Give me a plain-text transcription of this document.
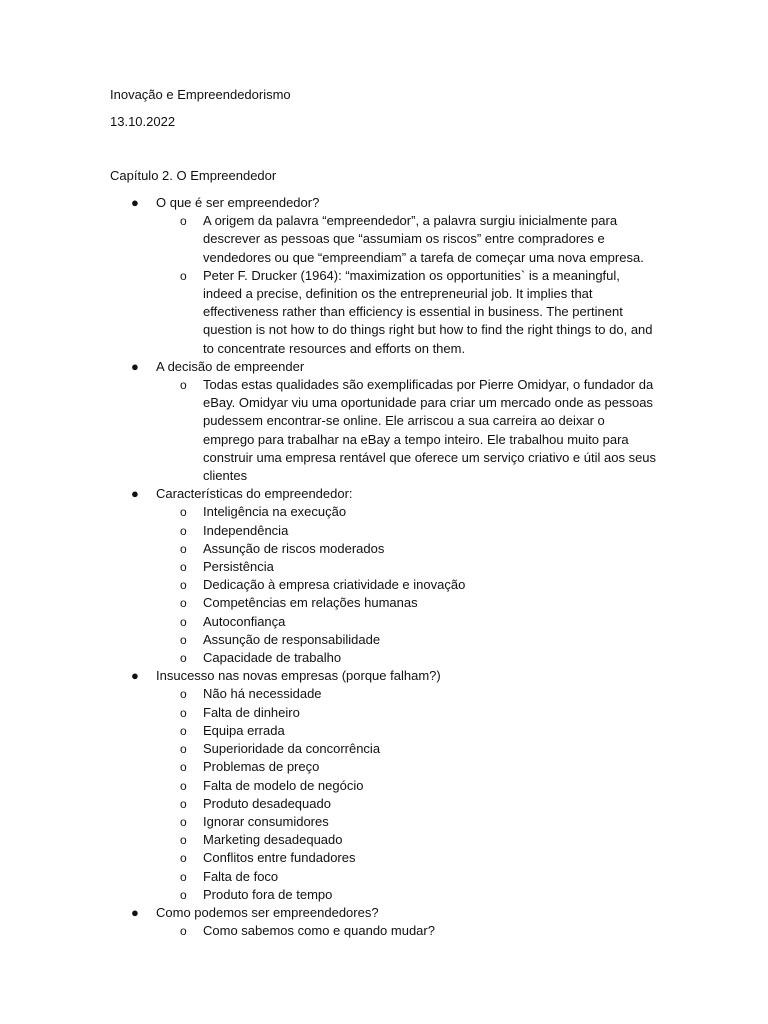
Inovação e Empreendedorismo
13.10.2022
Capítulo 2. O Empreendedor
● O que é ser empreendedor?
o A origem da palavra “empreendedor”, a palavra surgiu inicialmente para descrever as pessoas que “assumiam os riscos” entre compradores e vendedores ou que “empreendiam” a tarefa de começar uma nova empresa.
o Peter F. Drucker (1964): “maximization os opportunities` is a meaningful, indeed a precise, definition os the entrepreneurial job. It implies that effectiveness rather than efficiency is essential in business. The pertinent question is not how to do things right but how to find the right things to do, and to concentrate resources and efforts on them.
● A decisão de empreender
o Todas estas qualidades são exemplificadas por Pierre Omidyar, o fundador da eBay. Omidyar viu uma oportunidade para criar um mercado onde as pessoas pudessem encontrar-se online. Ele arriscou a sua carreira ao deixar o emprego para trabalhar na eBay a tempo inteiro. Ele trabalhou muito para construir uma empresa rentável que oferece um serviço criativo e útil aos seus clientes
● Características do empreendedor:
o Inteligência na execução
o Independência
o Assunção de riscos moderados
o Persistência
o Dedicação à empresa criatividade e inovação
o Competências em relações humanas
o Autoconfiança
o Assunção de responsabilidade
o Capacidade de trabalho
● Insucesso nas novas empresas (porque falham?)
o Não há necessidade
o Falta de dinheiro
o Equipa errada
o Superioridade da concorrência
o Problemas de preço
o Falta de modelo de negócio
o Produto desadequado
o Ignorar consumidores
o Marketing desadequado
o Conflitos entre fundadores
o Falta de foco
o Produto fora de tempo
● Como podemos ser empreendedores?
o Como sabemos como e quando mudar?
